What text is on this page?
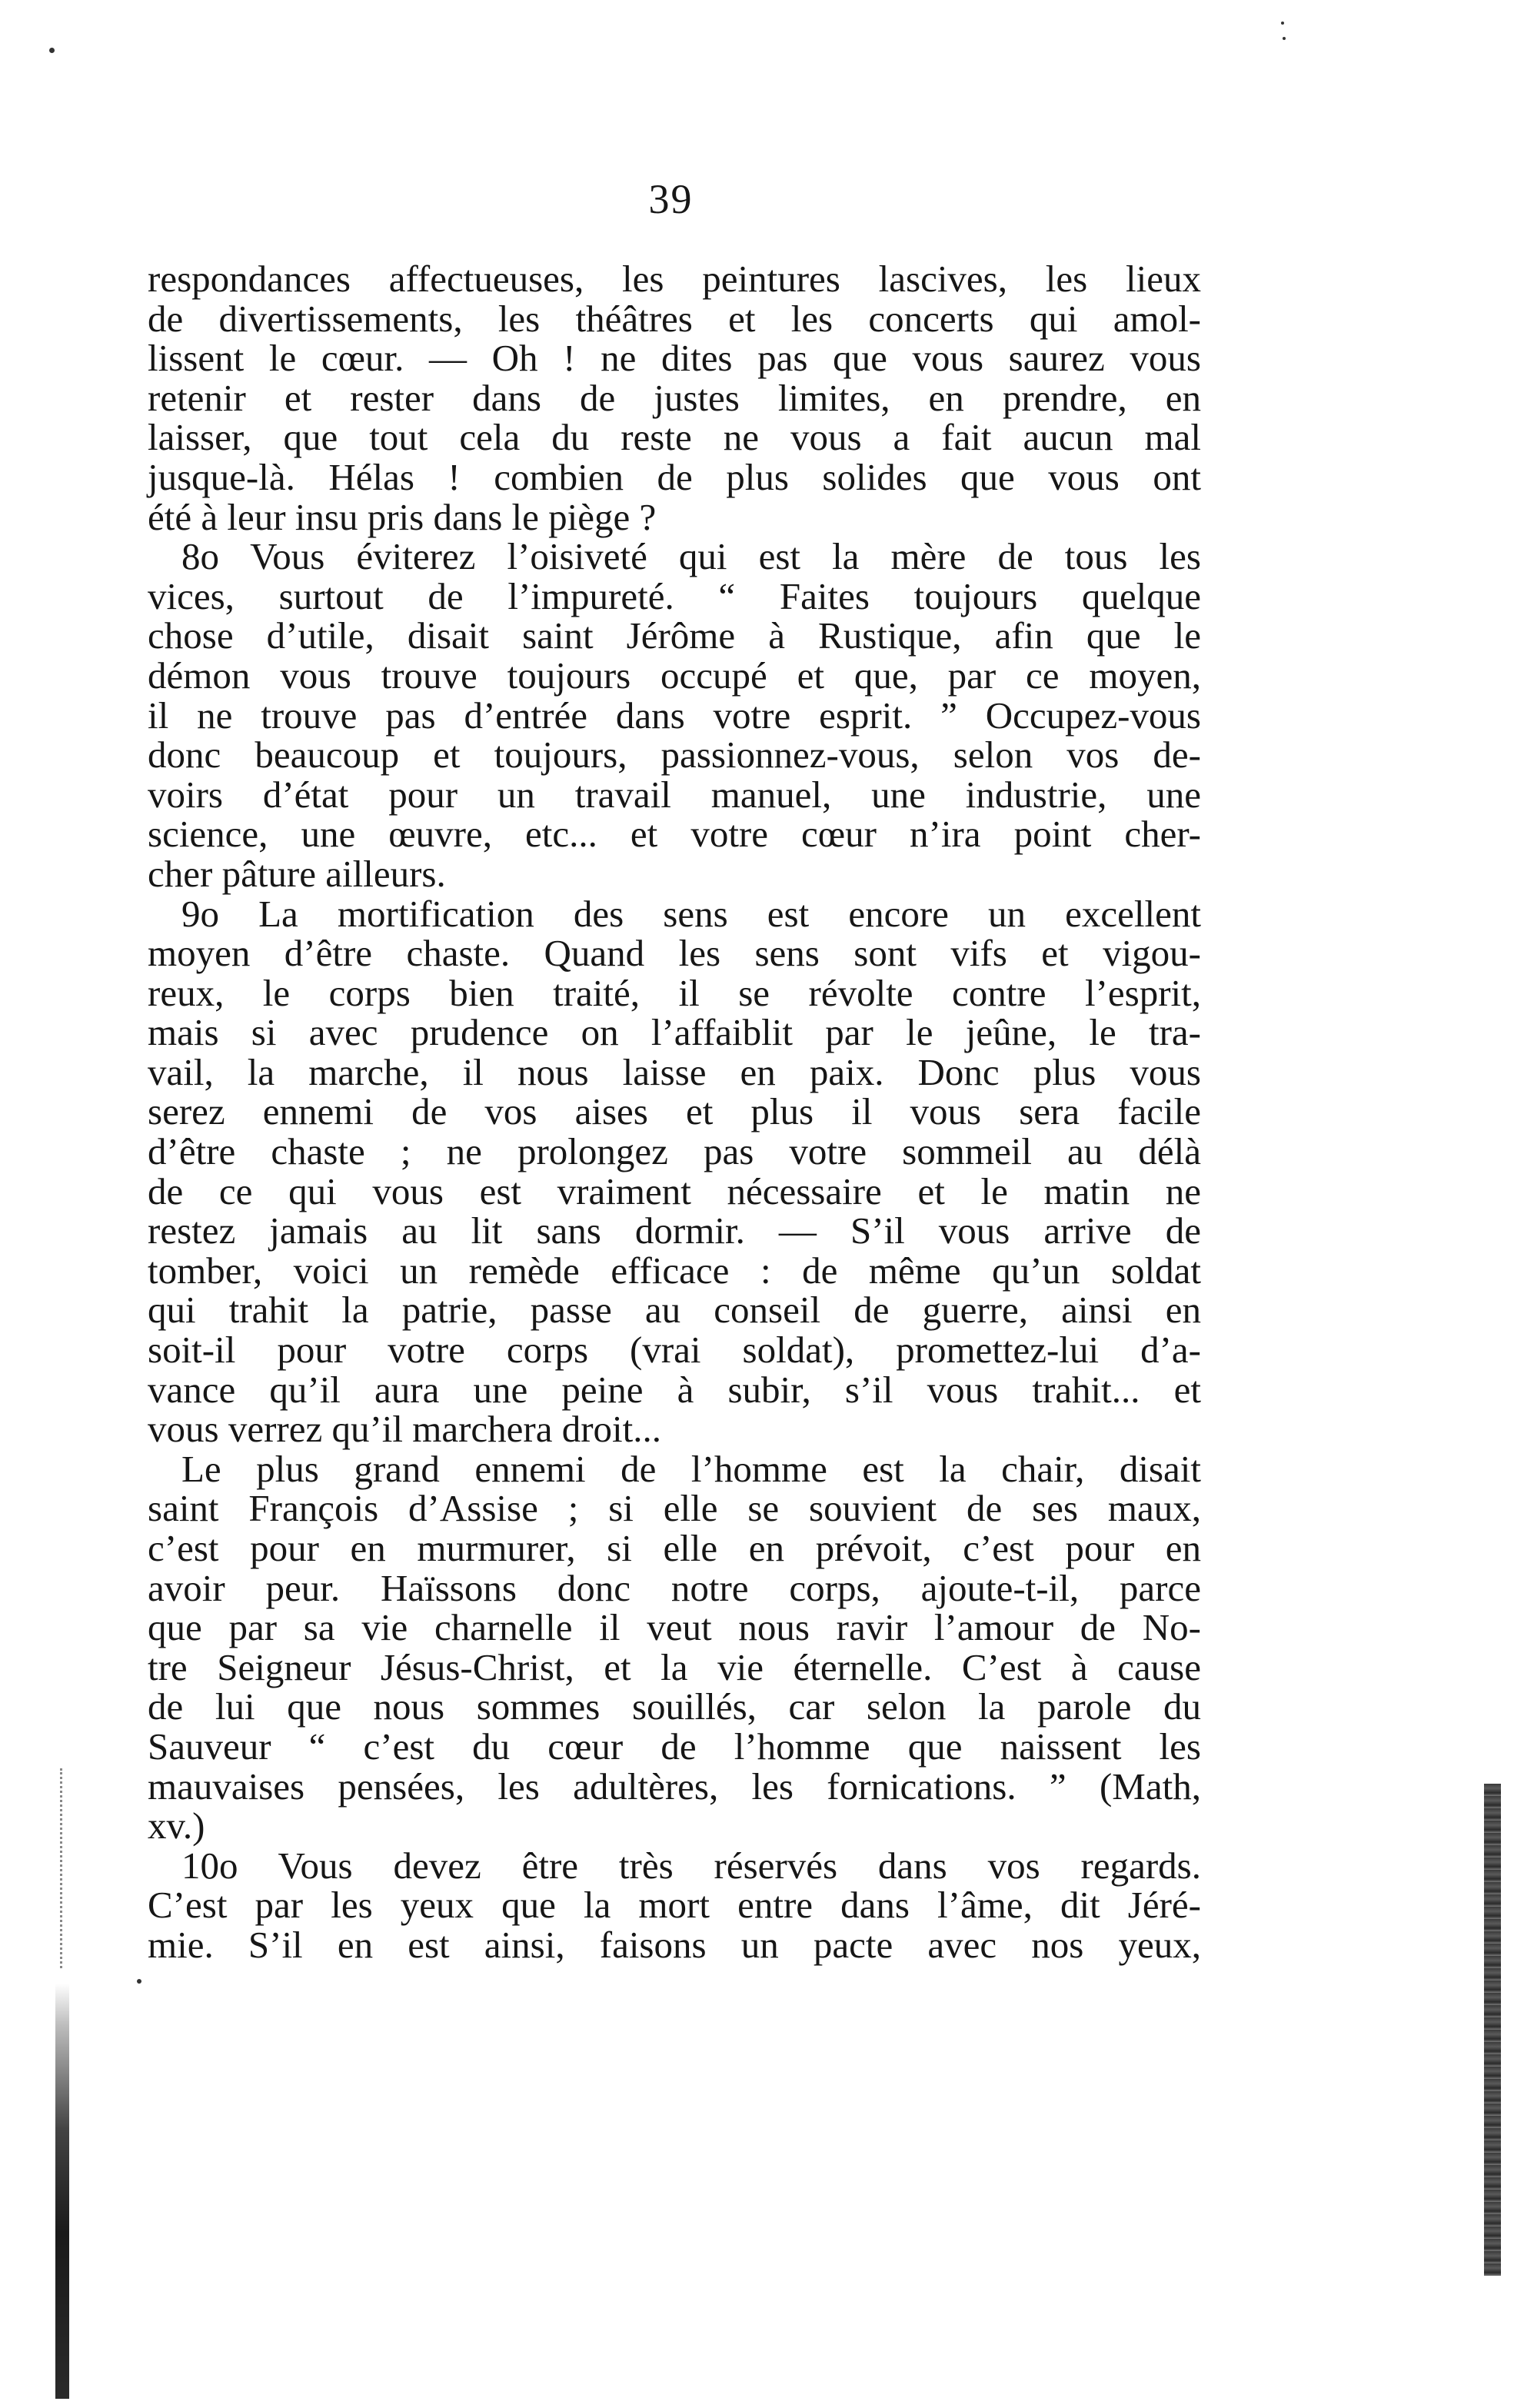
39
respondances affectueuses, les peintures lascives, les lieux
de divertissements, les théâtres et les concerts qui amol-
lissent le cœur. — Oh ! ne dites pas que vous saurez vous
retenir et rester dans de justes limites, en prendre, en
laisser, que tout cela du reste ne vous a fait aucun mal
jusque-là. Hélas ! combien de plus solides que vous ont
été à leur insu pris dans le piège ?
8o Vous éviterez l’oisiveté qui est la mère de tous les
vices, surtout de l’impureté. “ Faites toujours quelque
chose d’utile, disait saint Jérôme à Rustique, afin que le
démon vous trouve toujours occupé et que, par ce moyen,
il ne trouve pas d’entrée dans votre esprit. ” Occupez-vous
donc beaucoup et toujours, passionnez-vous, selon vos de-
voirs d’état pour un travail manuel, une industrie, une
science, une œuvre, etc... et votre cœur n’ira point cher-
cher pâture ailleurs.
9o La mortification des sens est encore un excellent
moyen d’être chaste. Quand les sens sont vifs et vigou-
reux, le corps bien traité, il se révolte contre l’esprit,
mais si avec prudence on l’affaiblit par le jeûne, le tra-
vail, la marche, il nous laisse en paix. Donc plus vous
serez ennemi de vos aises et plus il vous sera facile
d’être chaste ; ne prolongez pas votre sommeil au délà
de ce qui vous est vraiment nécessaire et le matin ne
restez jamais au lit sans dormir. — S’il vous arrive de
tomber, voici un remède efficace : de même qu’un soldat
qui trahit la patrie, passe au conseil de guerre, ainsi en
soit-il pour votre corps (vrai soldat), promettez-lui d’a-
vance qu’il aura une peine à subir, s’il vous trahit... et
vous verrez qu’il marchera droit...
Le plus grand ennemi de l’homme est la chair, disait
saint François d’Assise ; si elle se souvient de ses maux,
c’est pour en murmurer, si elle en prévoit, c’est pour en
avoir peur. Haïssons donc notre corps, ajoute-t-il, parce
que par sa vie charnelle il veut nous ravir l’amour de No-
tre Seigneur Jésus-Christ, et la vie éternelle. C’est à cause
de lui que nous sommes souillés, car selon la parole du
Sauveur “ c’est du cœur de l’homme que naissent les
mauvaises pensées, les adultères, les fornications. ” (Math,
xv.)
10o Vous devez être très réservés dans vos regards.
C’est par les yeux que la mort entre dans l’âme, dit Jéré-
mie. S’il en est ainsi, faisons un pacte avec nos yeux,
